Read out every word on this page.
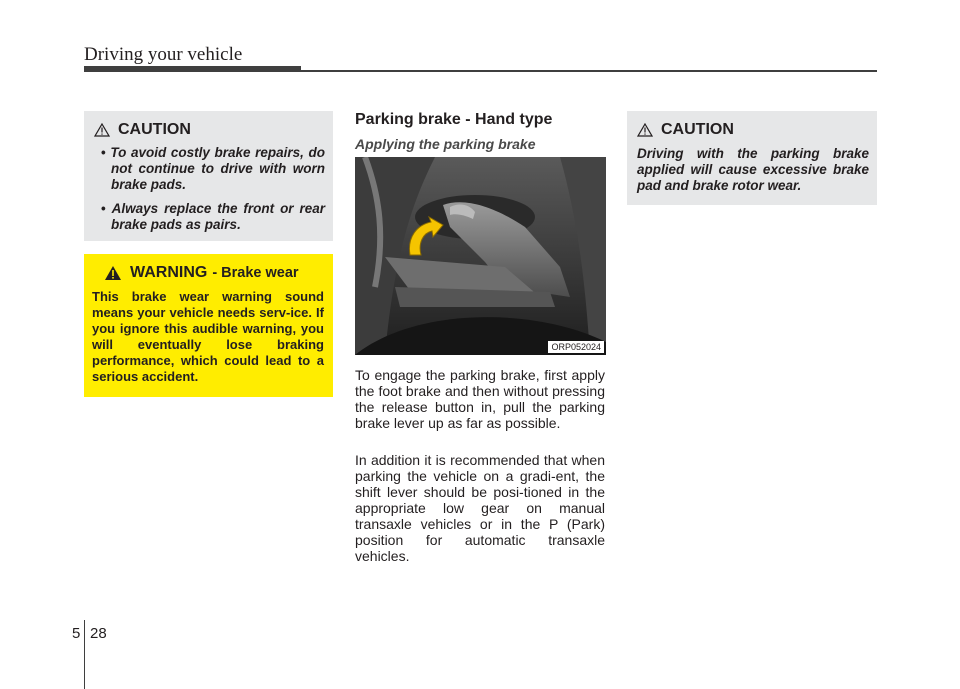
Driving your vehicle
CAUTION
• To avoid costly brake repairs, do not continue to drive with worn brake pads.
• Always replace the front or rear brake pads as pairs.
WARNING - Brake wear
This brake wear warning sound means your vehicle needs serv-ice. If you ignore this audible warning, you will eventually lose braking performance, which could lead to a serious accident.
Parking brake - Hand type
Applying the parking brake
ORP052024
To engage the parking brake, first apply the foot brake and then without pressing the release button in, pull the parking brake lever up as far as possible.
In addition it is recommended that when parking the vehicle on a gradi-ent, the shift lever should be posi-tioned in the appropriate low gear on manual transaxle vehicles or in the P (Park) position for automatic transaxle vehicles.
CAUTION
Driving with the parking brake applied will cause excessive brake pad and brake rotor wear.
5 28
